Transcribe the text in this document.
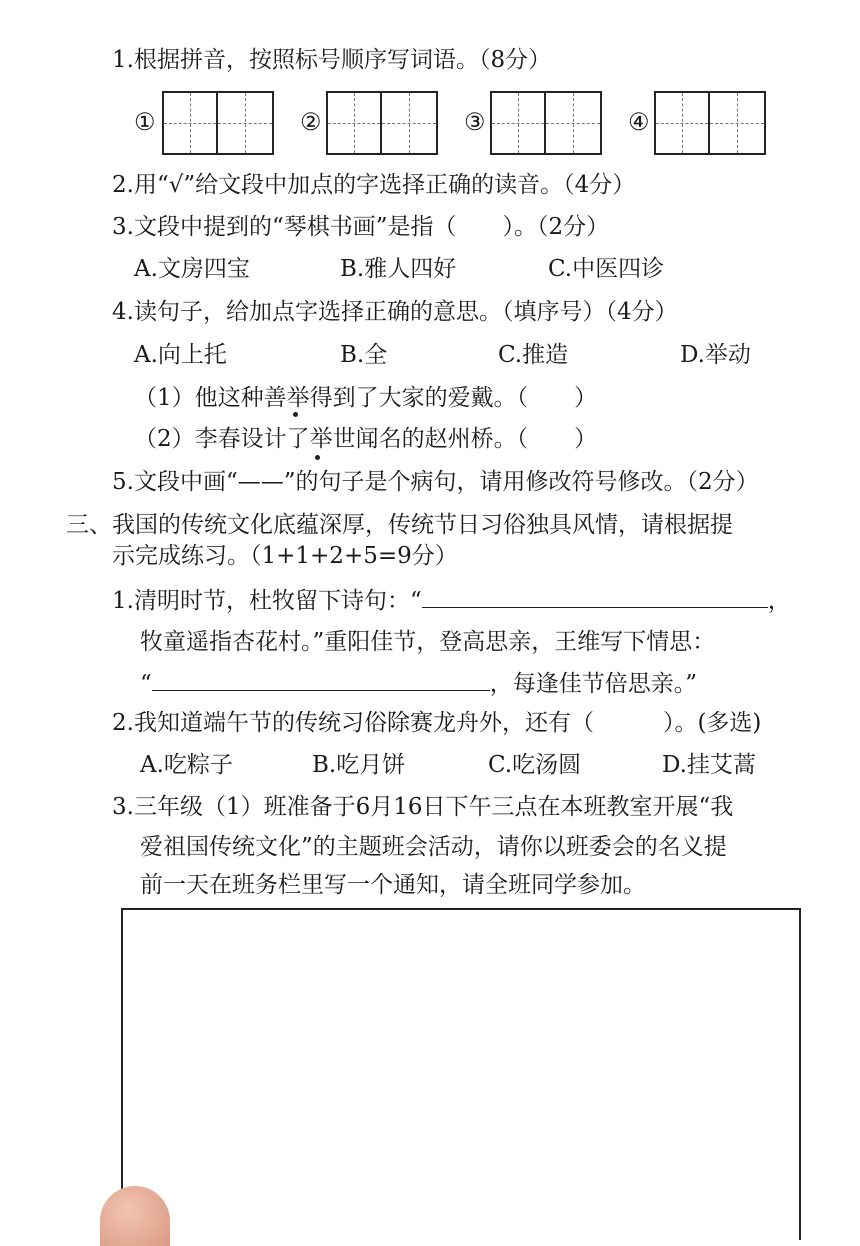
1.根据拼音，按照标号顺序写词语。（8分）
①	②	③	④
2.用“√”给文段中加点的字选择正确的读音。（4分）
3.文段中提到的“琴棋书画”是指（　　）。（2分）
A.文房四宝	B.雅人四好	C.中医四诊
4.读句子，给加点字选择正确的意思。（填序号）（4分）
A.向上托	B.全	C.推造	D.举动
（1）他这种善举得到了大家的爱戴。（　　）
（2）李春设计了举世闻名的赵州桥。（　　）
5.文段中画“——”的句子是个病句，请用修改符号修改。（2分）
三、我国的传统文化底蕴深厚，传统节日习俗独具风情，请根据提
示完成练习。（1+1+2+5=9分）
1.清明时节，杜牧留下诗句：“	，
牧童遥指杏花村。”重阳佳节，登高思亲，王维写下情思：
“	，每逢佳节倍思亲。”
2.我知道端午节的传统习俗除赛龙舟外，还有（　　　）。(多选)
A.吃粽子	B.吃月饼	C.吃汤圆	D.挂艾蒿
3.三年级（1）班准备于6月16日下午三点在本班教室开展“我
爱祖国传统文化”的主题班会活动，请你以班委会的名义提
前一天在班务栏里写一个通知，请全班同学参加。
